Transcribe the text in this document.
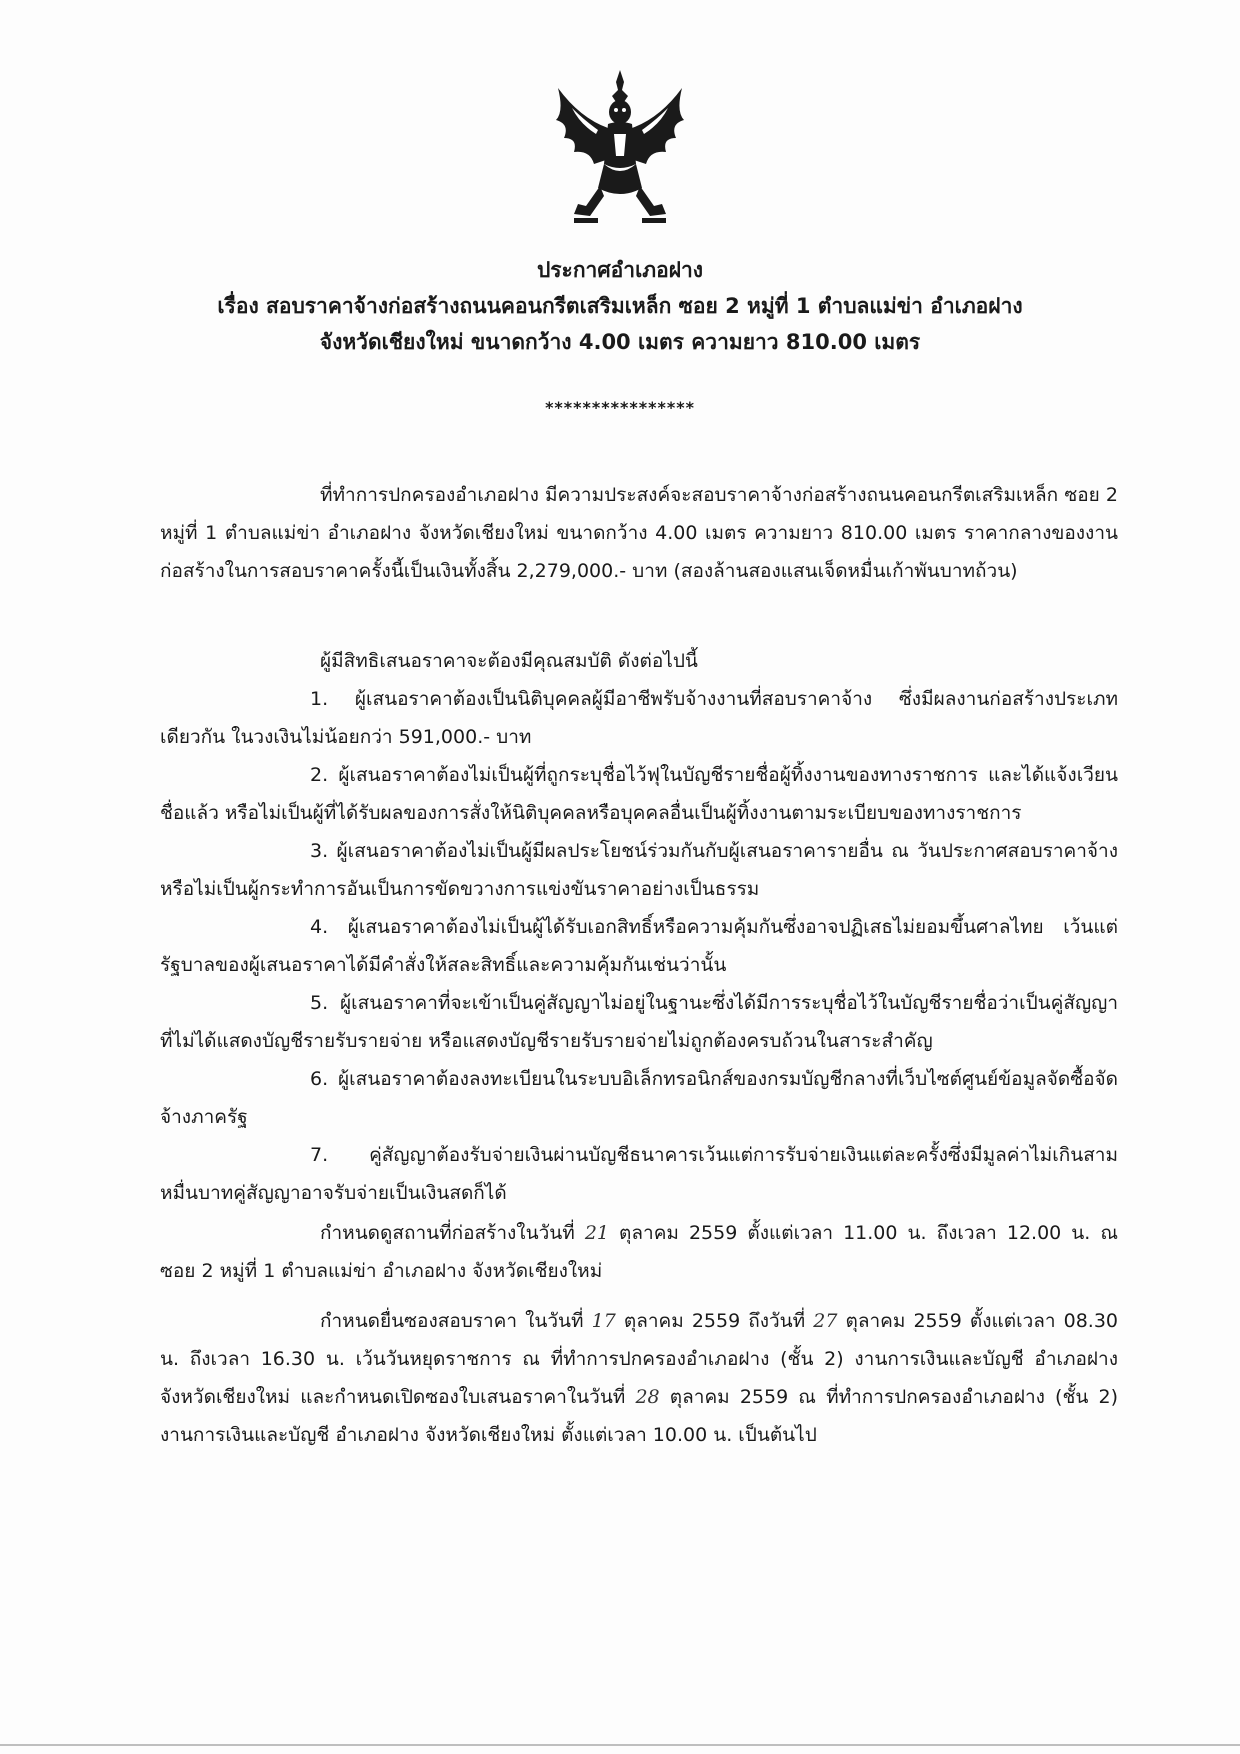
ประกาศอำเภอฝาง
เรื่อง สอบราคาจ้างก่อสร้างถนนคอนกรีตเสริมเหล็ก ซอย 2 หมู่ที่ 1 ตำบลแม่ข่า อำเภอฝาง
จังหวัดเชียงใหม่ ขนาดกว้าง 4.00 เมตร ความยาว 810.00 เมตร
****************

ที่ทำการปกครองอำเภอฝาง มีความประสงค์จะสอบราคาจ้างก่อสร้างถนนคอนกรีตเสริมเหล็ก ซอย 2 หมู่ที่ 1 ตำบลแม่ข่า อำเภอฝาง จังหวัดเชียงใหม่ ขนาดกว้าง 4.00 เมตร ความยาว 810.00 เมตร ราคากลางของงานก่อสร้างในการสอบราคาครั้งนี้เป็นเงินทั้งสิ้น 2,279,000.- บาท (สองล้านสองแสนเจ็ดหมื่นเก้าพันบาทถ้วน)

ผู้มีสิทธิเสนอราคาจะต้องมีคุณสมบัติ ดังต่อไปนี้

1. ผู้เสนอราคาต้องเป็นนิติบุคคลผู้มีอาชีพรับจ้างงานที่สอบราคาจ้าง ซึ่งมีผลงานก่อสร้างประเภทเดียวกัน ในวงเงินไม่น้อยกว่า 591,000.- บาท

2. ผู้เสนอราคาต้องไม่เป็นผู้ที่ถูกระบุชื่อไว้ฟุในบัญชีรายชื่อผู้ทิ้งงานของทางราชการ และได้แจ้งเวียนชื่อแล้ว หรือไม่เป็นผู้ที่ได้รับผลของการสั่งให้นิติบุคคลหรือบุคคลอื่นเป็นผู้ทิ้งงานตามระเบียบของทางราชการ

3. ผู้เสนอราคาต้องไม่เป็นผู้มีผลประโยชน์ร่วมกันกับผู้เสนอราคารายอื่น ณ วันประกาศสอบราคาจ้าง หรือไม่เป็นผู้กระทำการอันเป็นการขัดขวางการแข่งขันราคาอย่างเป็นธรรม

4. ผู้เสนอราคาต้องไม่เป็นผู้ได้รับเอกสิทธิ์หรือความคุ้มกันซึ่งอาจปฏิเสธไม่ยอมขึ้นศาลไทย เว้นแต่รัฐบาลของผู้เสนอราคาได้มีคำสั่งให้สละสิทธิ์และความคุ้มกันเช่นว่านั้น

5. ผู้เสนอราคาที่จะเข้าเป็นคู่สัญญาไม่อยู่ในฐานะซึ่งได้มีการระบุชื่อไว้ในบัญชีรายชื่อว่าเป็นคู่สัญญาที่ไม่ได้แสดงบัญชีรายรับรายจ่าย หรือแสดงบัญชีรายรับรายจ่ายไม่ถูกต้องครบถ้วนในสาระสำคัญ

6. ผู้เสนอราคาต้องลงทะเบียนในระบบอิเล็กทรอนิกส์ของกรมบัญชีกลางที่เว็บไซต์ศูนย์ข้อมูลจัดซื้อจัดจ้างภาครัฐ

7. คู่สัญญาต้องรับจ่ายเงินผ่านบัญชีธนาคารเว้นแต่การรับจ่ายเงินแต่ละครั้งซึ่งมีมูลค่าไม่เกินสามหมื่นบาทคู่สัญญาอาจรับจ่ายเป็นเงินสดก็ได้

กำหนดดูสถานที่ก่อสร้างในวันที่ 21 ตุลาคม 2559 ตั้งแต่เวลา 11.00 น. ถึงเวลา 12.00 น. ณ ซอย 2 หมู่ที่ 1 ตำบลแม่ข่า อำเภอฝาง จังหวัดเชียงใหม่

กำหนดยื่นซองสอบราคา ในวันที่ 17 ตุลาคม 2559 ถึงวันที่ 27 ตุลาคม 2559 ตั้งแต่เวลา 08.30 น. ถึงเวลา 16.30 น. เว้นวันหยุดราชการ ณ ที่ทำการปกครองอำเภอฝาง (ชั้น 2) งานการเงินและบัญชี อำเภอฝาง จังหวัดเชียงใหม่ และกำหนดเปิดซองใบเสนอราคาในวันที่ 28 ตุลาคม 2559 ณ ที่ทำการปกครองอำเภอฝาง (ชั้น 2) งานการเงินและบัญชี อำเภอฝาง จังหวัดเชียงใหม่ ตั้งแต่เวลา 10.00 น. เป็นต้นไป
